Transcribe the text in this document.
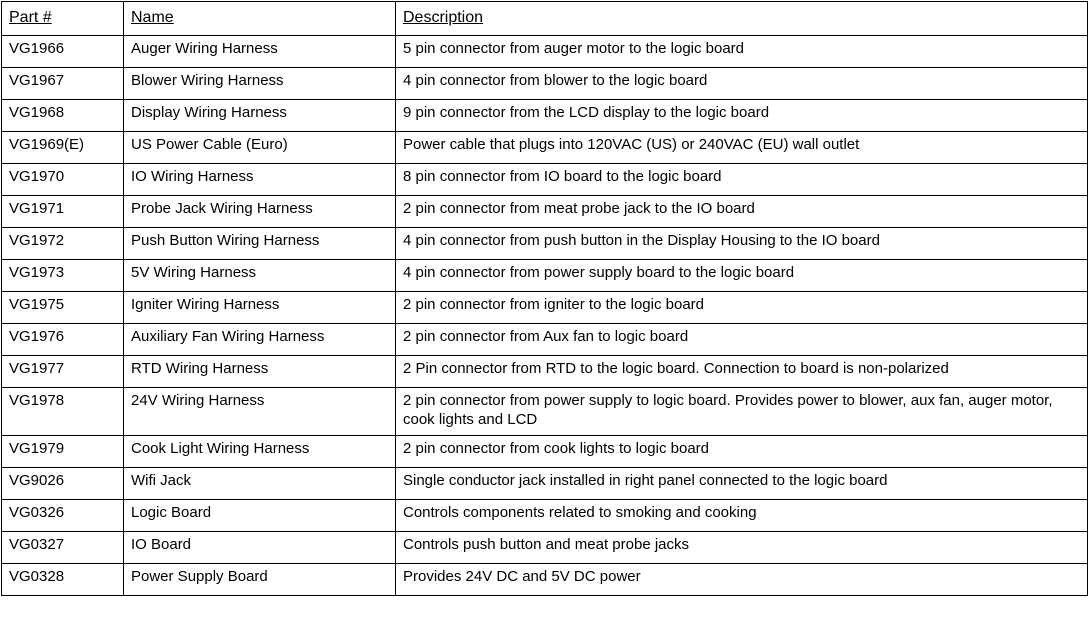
Part #	Name	Description
VG1966	Auger Wiring Harness	5 pin connector from auger motor to the logic board
VG1967	Blower Wiring Harness	4 pin connector from blower to the logic board
VG1968	Display Wiring Harness	9 pin connector from the LCD display to the logic board
VG1969(E)	US Power Cable (Euro)	Power cable that plugs into 120VAC (US) or 240VAC (EU) wall outlet
VG1970	IO Wiring Harness	8 pin connector from IO board to the logic board
VG1971	Probe Jack Wiring Harness	2 pin connector from meat probe jack to the IO board
VG1972	Push Button Wiring Harness	4 pin connector from push button in the Display Housing to the IO board
VG1973	5V Wiring Harness	4 pin connector from power supply board to the logic board
VG1975	Igniter Wiring Harness	2 pin connector from igniter to the logic board
VG1976	Auxiliary Fan Wiring Harness	2 pin connector from Aux fan to logic board
VG1977	RTD Wiring Harness	2 Pin connector from RTD to the logic board. Connection to board is non-polarized
VG1978	24V Wiring Harness	2 pin connector from power supply to logic board. Provides power to blower, aux fan, auger motor, cook lights and LCD
VG1979	Cook Light Wiring Harness	2 pin connector from cook lights to logic board
VG9026	Wifi Jack	Single conductor jack installed in right panel connected to the logic board
VG0326	Logic Board	Controls components related to smoking and cooking
VG0327	IO Board	Controls push button and meat probe jacks
VG0328	Power Supply Board	Provides 24V DC and 5V DC power
